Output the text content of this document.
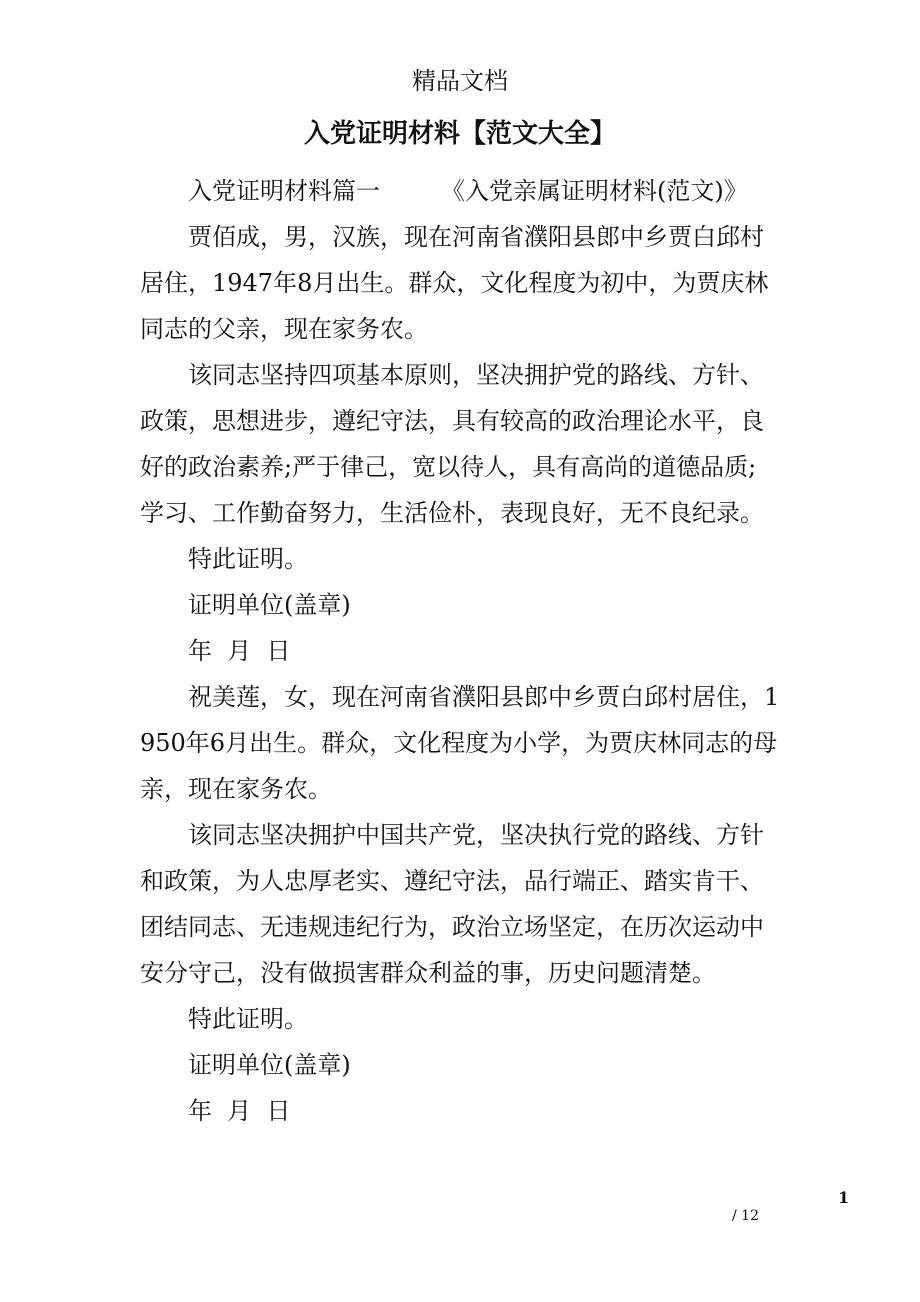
精品文档
入党证明材料【范文大全】

入党证明材料篇一        《入党亲属证明材料(范文)》

贾佰成，男，汉族，现在河南省濮阳县郎中乡贾白邱村居住，1947年8月出生。群众，文化程度为初中，为贾庆林同志的父亲，现在家务农。

该同志坚持四项基本原则，坚决拥护党的路线、方针、政策，思想进步，遵纪守法，具有较高的政治理论水平，良好的政治素养;严于律己，宽以待人，具有高尚的道德品质;学习、工作勤奋努力，生活俭朴，表现良好，无不良纪录。

特此证明。

证明单位(盖章)

年  月  日

祝美莲，女，现在河南省濮阳县郎中乡贾白邱村居住，1950年6月出生。群众，文化程度为小学，为贾庆林同志的母亲，现在家务农。

该同志坚决拥护中国共产党，坚决执行党的路线、方针和政策，为人忠厚老实、遵纪守法，品行端正、踏实肯干、团结同志、无违规违纪行为，政治立场坚定，在历次运动中安分守己，没有做损害群众利益的事，历史问题清楚。

特此证明。

证明单位(盖章)

年  月  日

1
/ 12
